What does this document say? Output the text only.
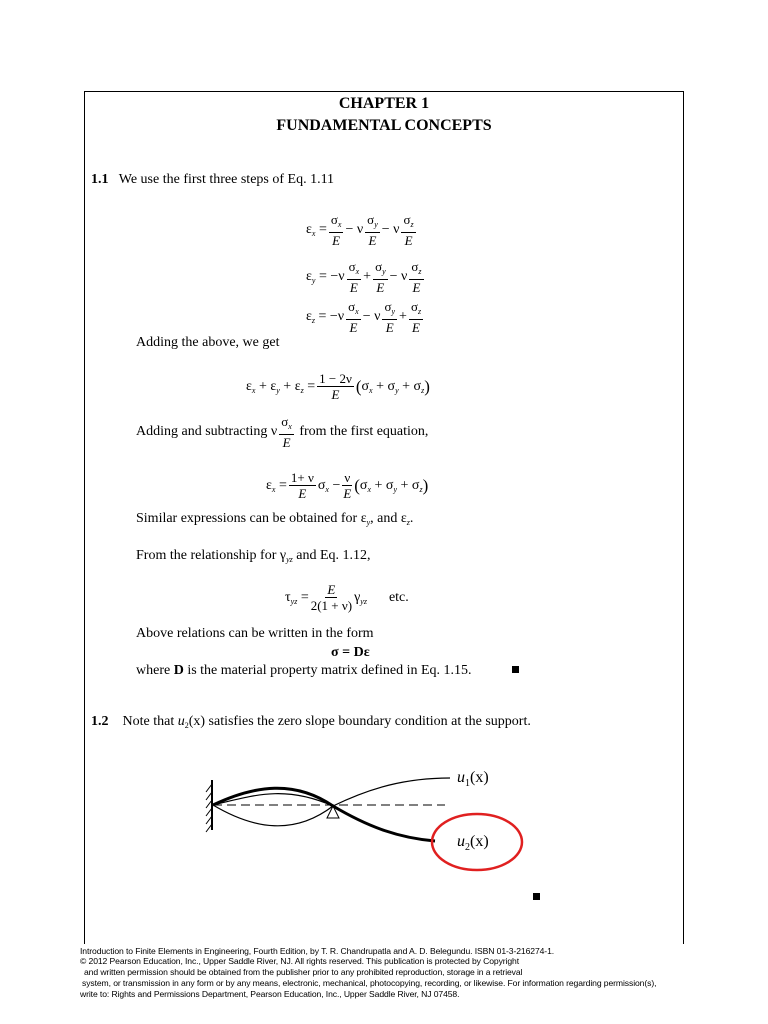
CHAPTER 1
FUNDAMENTAL CONCEPTS
1.1 We use the first three steps of Eq. 1.11
$\varepsilon_x = \frac{\sigma_x}{E} - \nu \frac{\sigma_y}{E} - \nu \frac{\sigma_z}{E}$
$\varepsilon_y = -\nu \frac{\sigma_x}{E} + \frac{\sigma_y}{E} - \nu \frac{\sigma_z}{E}$
$\varepsilon_z = -\nu \frac{\sigma_x}{E} - \nu \frac{\sigma_y}{E} + \frac{\sigma_z}{E}$
Adding the above, we get
$\varepsilon_x + \varepsilon_y + \varepsilon_z = \frac{1 - 2\nu}{E}$ ( $\sigma_x + \sigma_y + \sigma_z$ )
Adding and subtracting ν $\frac{\sigma_x}{E}$
from the first equation,
$\varepsilon_x = \frac{1+ \nu}{E} \sigma_x - \frac{\nu}{E}$ ( $\sigma_x + \sigma_y + \sigma_z$ )
Similar expressions can be obtained for $\varepsilon_y$, and $\varepsilon_z$.
From the relationship for $\gamma_{yz}$ and Eq. 1.12,
$\tau_{yz} = \frac{E}{2(1 + \nu)} \gamma_{yz}$ etc.
Above relations can be written in the form
σ = Dε
where D is the material property matrix defined in Eq. 1.15.
1.2 Note that $u_2(x)$ satisfies the zero slope boundary condition at the support.
$u_1(x)$
$u_2(x)$
Introduction to Finite Elements in Engineering, Fourth Edition, by T. R. Chandrupatla and A. D. Belegundu. ISBN 01-3-216274-1.
© 2012 Pearson Education, Inc., Upper Saddle River, NJ. All rights reserved. This publication is protected by Copyright
and written permission should be obtained from the publisher prior to any prohibited reproduction, storage in a retrieval
system, or transmission in any form or by any means, electronic, mechanical, photocopying, recording, or likewise. For information regarding permission(s),
write to: Rights and Permissions Department, Pearson Education, Inc., Upper Saddle River, NJ 07458.
